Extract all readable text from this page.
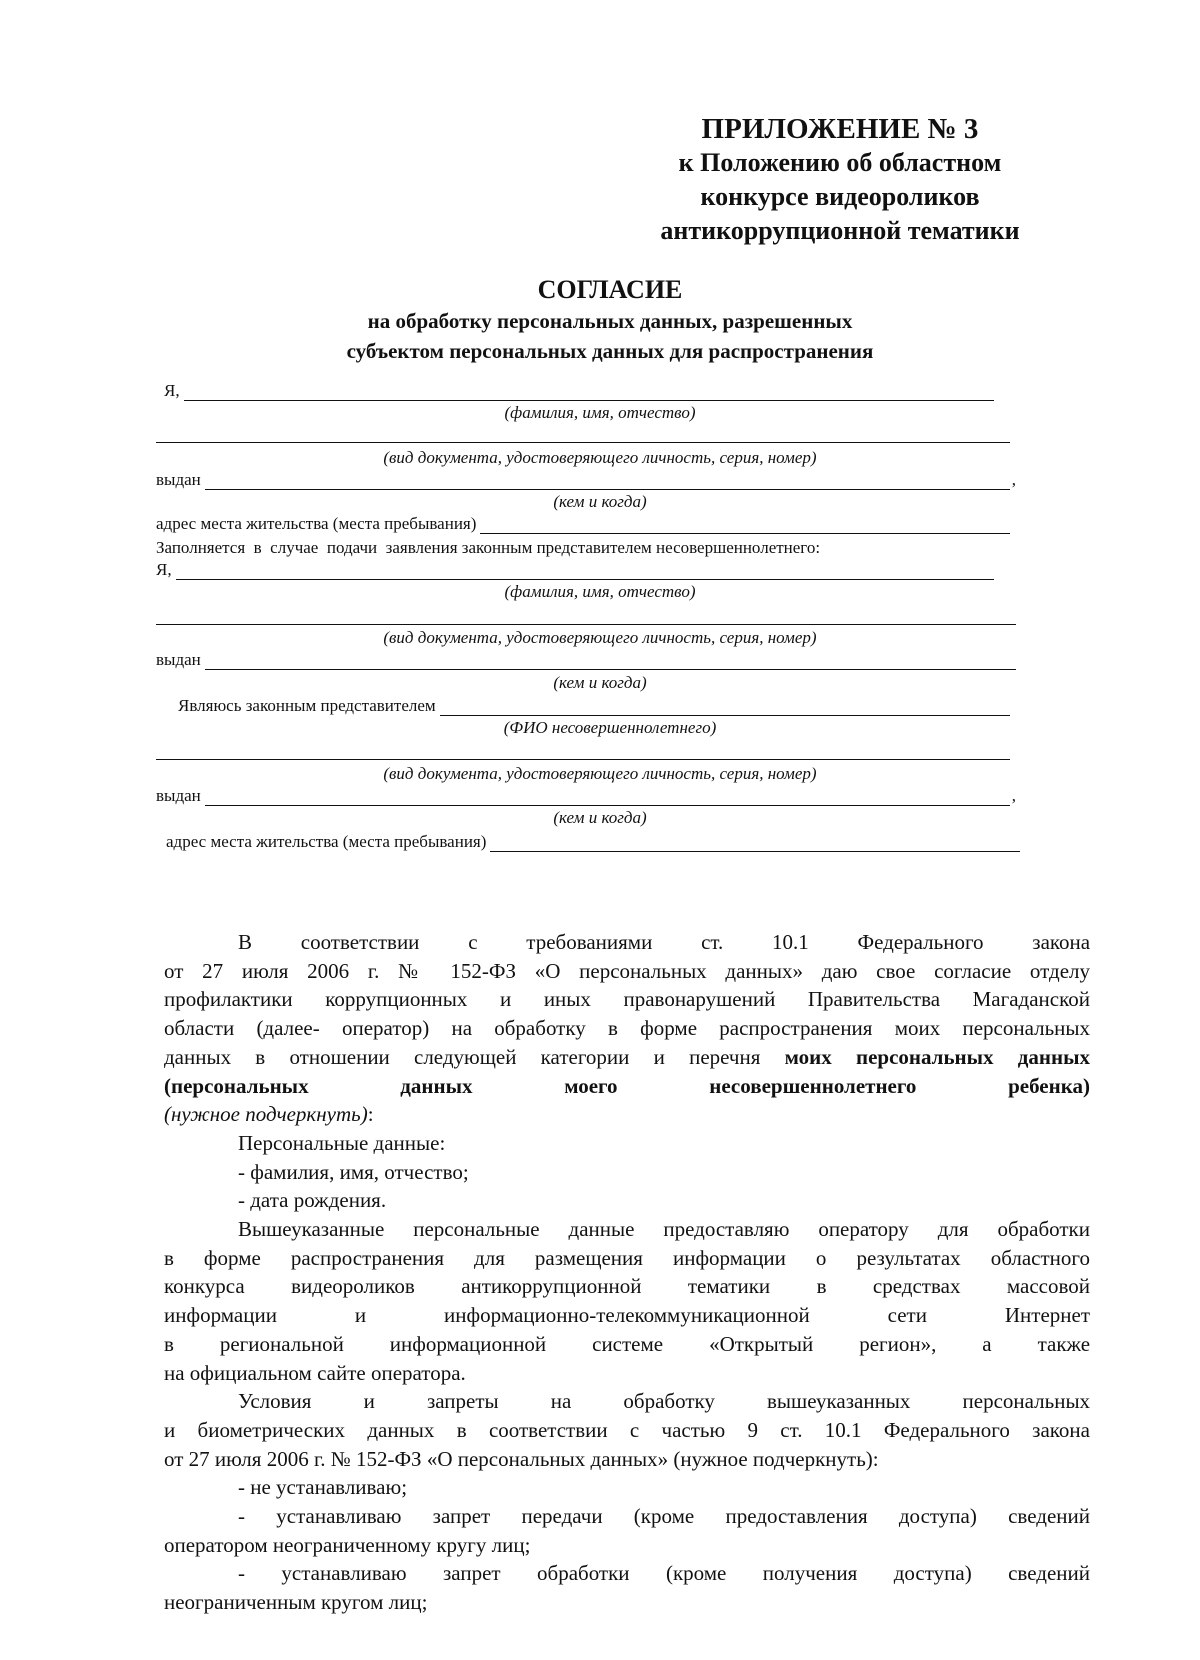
ПРИЛОЖЕНИЕ № 3
к Положению об областном
конкурсе видеороликов
антикоррупционной тематики
СОГЛАСИЕ
на обработку персональных данных, разрешенных
субъектом персональных данных для распространения
Я,
(фамилия, имя, отчество)
(вид документа, удостоверяющего личность, серия, номер)
выдан	,
(кем и когда)
адрес места жительства (места пребывания)
Заполняется  в  случае  подачи  заявления законным представителем несовершеннолетнего:
Я,
(фамилия, имя, отчество)
(вид документа, удостоверяющего личность, серия, номер)
выдан
(кем и когда)
Являюсь законным представителем
(ФИО несовершеннолетнего)
(вид документа, удостоверяющего личность, серия, номер)
выдан	,
(кем и когда)
адрес места жительства (места пребывания)

В соответствии с требованиями ст. 10.1 Федерального закона

от 27 июля 2006 г. № 152-ФЗ «О персональных данных» даю свое согласие отделу

профилактики коррупционных и иных правонарушений Правительства Магаданской

области (далее- оператор) на обработку в форме распространения моих персональных

данных в отношении следующей категории и перечня моих персональных данных

(персональных	данных	моего	несовершеннолетнего	ребенка)

(нужное подчеркнуть):

Персональные данные:

- фамилия, имя, отчество;

- дата рождения.

Вышеуказанные персональные данные предоставляю оператору для обработки

в форме распространения для размещения информации о результатах областного

конкурса видеороликов антикоррупционной тематики в средствах массовой

информации	и	информационно-телекоммуникационной	сети	Интернет

в региональной информационной системе «Открытый регион», а также

на официальном сайте оператора.

Условия и запреты на обработку вышеуказанных персональных

и биометрических данных в соответствии с частью 9 ст. 10.1 Федерального закона

от 27 июля 2006 г. № 152-ФЗ «О персональных данных» (нужное подчеркнуть):

- не устанавливаю;

- устанавливаю запрет передачи (кроме предоставления доступа) сведений

оператором неограниченному кругу лиц;

- устанавливаю запрет обработки (кроме получения доступа) сведений

неограниченным кругом лиц;
